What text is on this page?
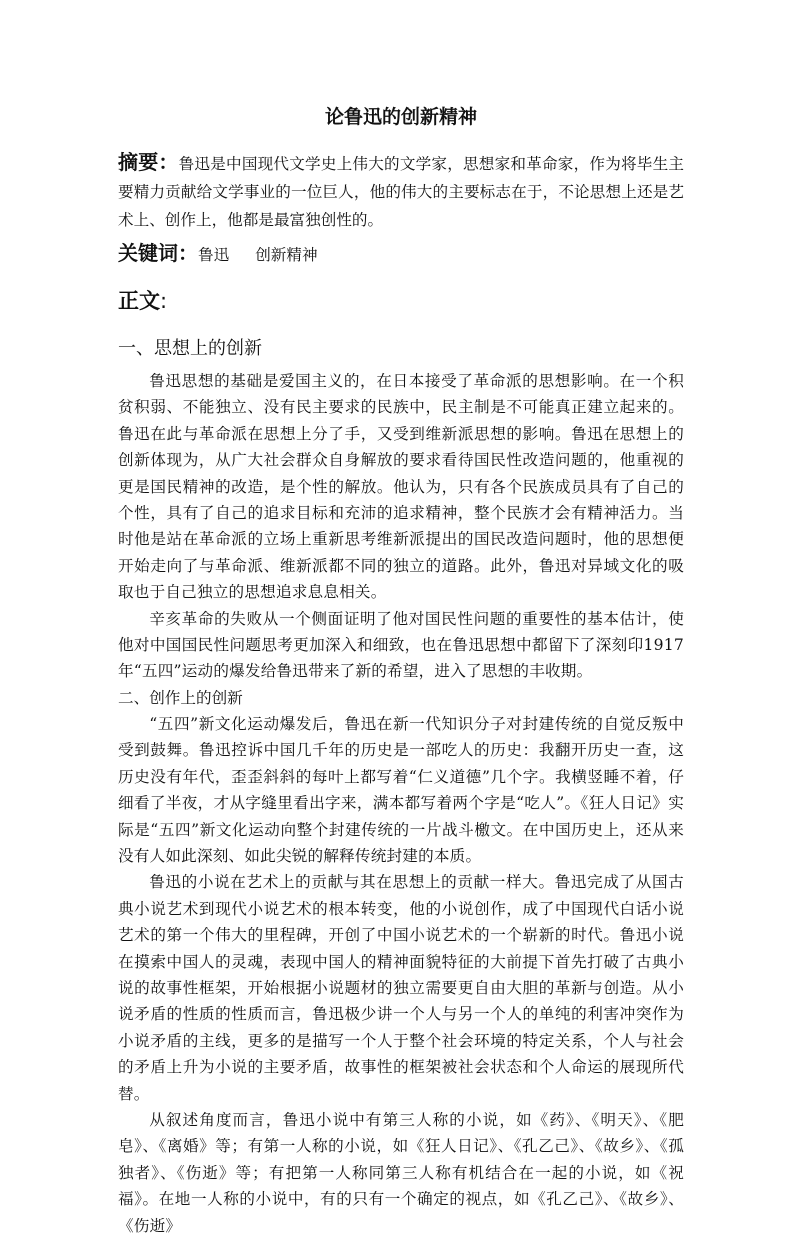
论鲁迅的创新精神

摘要：鲁迅是中国现代文学史上伟大的文学家，思想家和革命家，作为将毕生主要精力贡献给文学事业的一位巨人，他的伟大的主要标志在于，不论思想上还是艺术上、创作上，他都是最富独创性的。

关键词：鲁迅 创新精神
正文:
一、思想上的创新

鲁迅思想的基础是爱国主义的，在日本接受了革命派的思想影响。在一个积贫积弱、不能独立、没有民主要求的民族中，民主制是不可能真正建立起来的。鲁迅在此与革命派在思想上分了手，又受到维新派思想的影响。鲁迅在思想上的创新体现为，从广大社会群众自身解放的要求看待国民性改造问题的，他重视的更是国民精神的改造，是个性的解放。他认为，只有各个民族成员具有了自己的个性，具有了自己的追求目标和充沛的追求精神，整个民族才会有精神活力。当时他是站在革命派的立场上重新思考维新派提出的国民改造问题时，他的思想便开始走向了与革命派、维新派都不同的独立的道路。此外，鲁迅对异域文化的吸取也于自己独立的思想追求息息相关。

辛亥革命的失败从一个侧面证明了他对国民性问题的重要性的基本估计，使他对中国国民性问题思考更加深入和细致，也在鲁迅思想中都留下了深刻印1917 年“五四”运动的爆发给鲁迅带来了新的希望，进入了思想的丰收期。

二、创作上的创新

“五四”新文化运动爆发后，鲁迅在新一代知识分子对封建传统的自觉反叛中受到鼓舞。鲁迅控诉中国几千年的历史是一部吃人的历史：我翻开历史一查，这历史没有年代，歪歪斜斜的每叶上都写着“仁义道德”几个字。我横竖睡不着，仔细看了半夜，才从字缝里看出字来，满本都写着两个字是“吃人”。《狂人日记》实际是“五四”新文化运动向整个封建传统的一片战斗檄文。在中国历史上，还从来没有人如此深刻、如此尖锐的解释传统封建的本质。

鲁迅的小说在艺术上的贡献与其在思想上的贡献一样大。鲁迅完成了从国古典小说艺术到现代小说艺术的根本转变，他的小说创作，成了中国现代白话小说艺术的第一个伟大的里程碑，开创了中国小说艺术的一个崭新的时代。鲁迅小说在摸索中国人的灵魂，表现中国人的精神面貌特征的大前提下首先打破了古典小说的故事性框架，开始根据小说题材的独立需要更自由大胆的革新与创造。从小说矛盾的性质的性质而言，鲁迅极少讲一个人与另一个人的单纯的利害冲突作为小说矛盾的主线，更多的是描写一个人于整个社会环境的特定关系，个人与社会的矛盾上升为小说的主要矛盾，故事性的框架被社会状态和个人命运的展现所代替。

从叙述角度而言，鲁迅小说中有第三人称的小说，如《药》、《明天》、《肥皂》、《离婚》等；有第一人称的小说，如《狂人日记》、《孔乙己》、《故乡》、《孤独者》、《伤逝》等；有把第一人称同第三人称有机结合在一起的小说，如《祝福》。在地一人称的小说中，有的只有一个确定的视点，如《孔乙己》、《故乡》、《伤逝》
